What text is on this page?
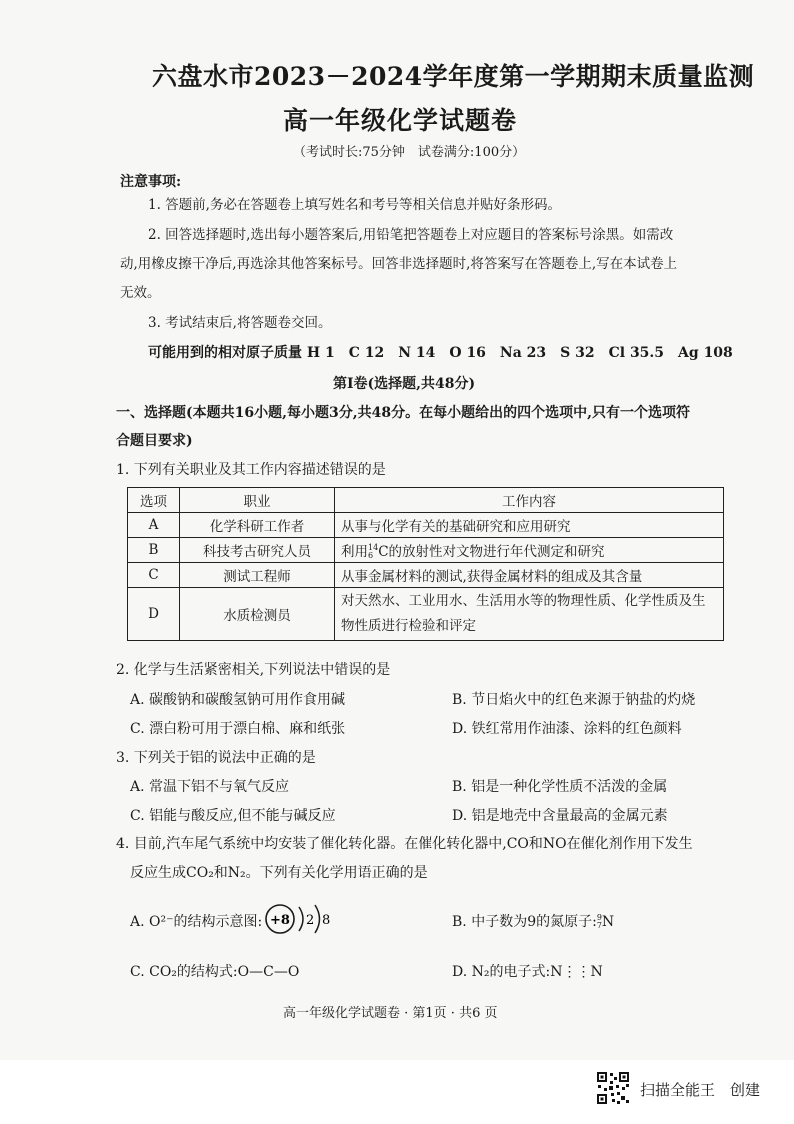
六盘水市2023－2024学年度第一学期期末质量监测
高一年级化学试题卷
（考试时长:75分钟　试卷满分:100分）
注意事项:
1. 答题前,务必在答题卷上填写姓名和考号等相关信息并贴好条形码。
2. 回答选择题时,选出每小题答案后,用铅笔把答题卷上对应题目的答案标号涂黑。如需改
动,用橡皮擦干净后,再选涂其他答案标号。回答非选择题时,将答案写在答题卷上,写在本试卷上
无效。
3. 考试结束后,将答题卷交回。
可能用到的相对原子质量 H 1　C 12　N 14　O 16　Na 23　S 32　Cl 35.5　Ag 108
第Ⅰ卷(选择题,共48分)
一、选择题(本题共16小题,每小题3分,共48分。在每小题给出的四个选项中,只有一个选项符
合题目要求)
1. 下列有关职业及其工作内容描述错误的是
选项	职业	工作内容
A	化学科研工作者	从事与化学有关的基础研究和应用研究
B	科技考古研究人员	利用 14
6 C的放射性对文物进行年代测定和研究
C	测试工程师	从事金属材料的测试,获得金属材料的组成及其含量
D	水质检测员	对天然水、工业用水、生活用水等的物理性质、化学性质及生
物性质进行检验和评定
2. 化学与生活紧密相关,下列说法中错误的是
A. 碳酸钠和碳酸氢钠可用作食用碱	B. 节日焰火中的红色来源于钠盐的灼烧
C. 漂白粉可用于漂白棉、麻和纸张	D. 铁红常用作油漆、涂料的红色颜料
3. 下列关于铝的说法中正确的是
A. 常温下铝不与氧气反应	B. 铝是一种化学性质不活泼的金属
C. 铝能与酸反应,但不能与碱反应	D. 铝是地壳中含量最高的金属元素
4. 目前,汽车尾气系统中均安装了催化转化器。在催化转化器中,CO和NO在催化剂作用下发生
反应生成CO₂和N₂。下列有关化学用语正确的是
A. O²⁻的结构示意图: +8 2 8	B. 中子数为9的氮原子: 9
7 N
C. CO₂的结构式:O—C—O	D. N₂的电子式:N⋮⋮N
高一年级化学试题卷 · 第1页 · 共6 页
扫描全能王　创建
